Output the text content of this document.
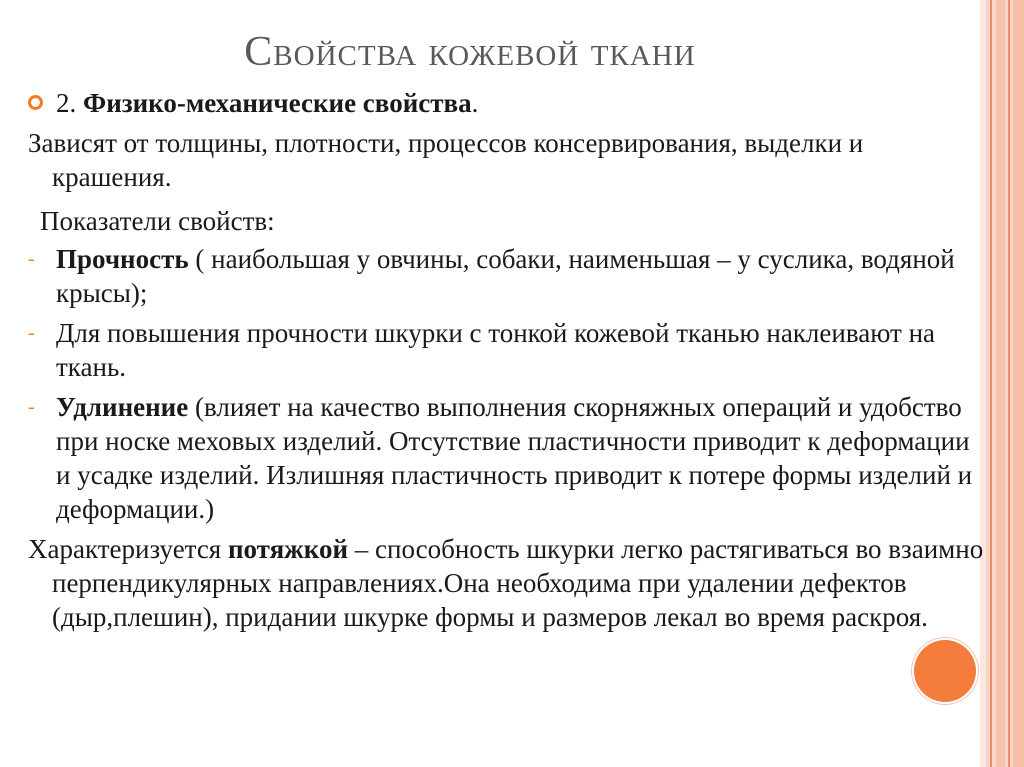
Свойства кожевой ткани
2. Физико-механические свойства.

Зависят от толщины, плотности, процессов консервирования, выделки и крашения.

Показатели свойств:
- Прочность ( наибольшая у овчины, собаки, наименьшая – у суслика, водяной крысы);
- Для повышения прочности шкурки с тонкой кожевой тканью наклеивают на ткань.
- Удлинение (влияет на качество выполнения скорняжных операций и удобство при носке меховых изделий. Отсутствие пластичности приводит к деформации и усадке изделий. Излишняя пластичность приводит к потере формы изделий и деформации.)

Характеризуется потяжкой – способность шкурки легко растягиваться во взаимно перпендикулярных направлениях.Она необходима при удалении дефектов (дыр,плешин), придании шкурке формы и размеров лекал во время раскроя.
